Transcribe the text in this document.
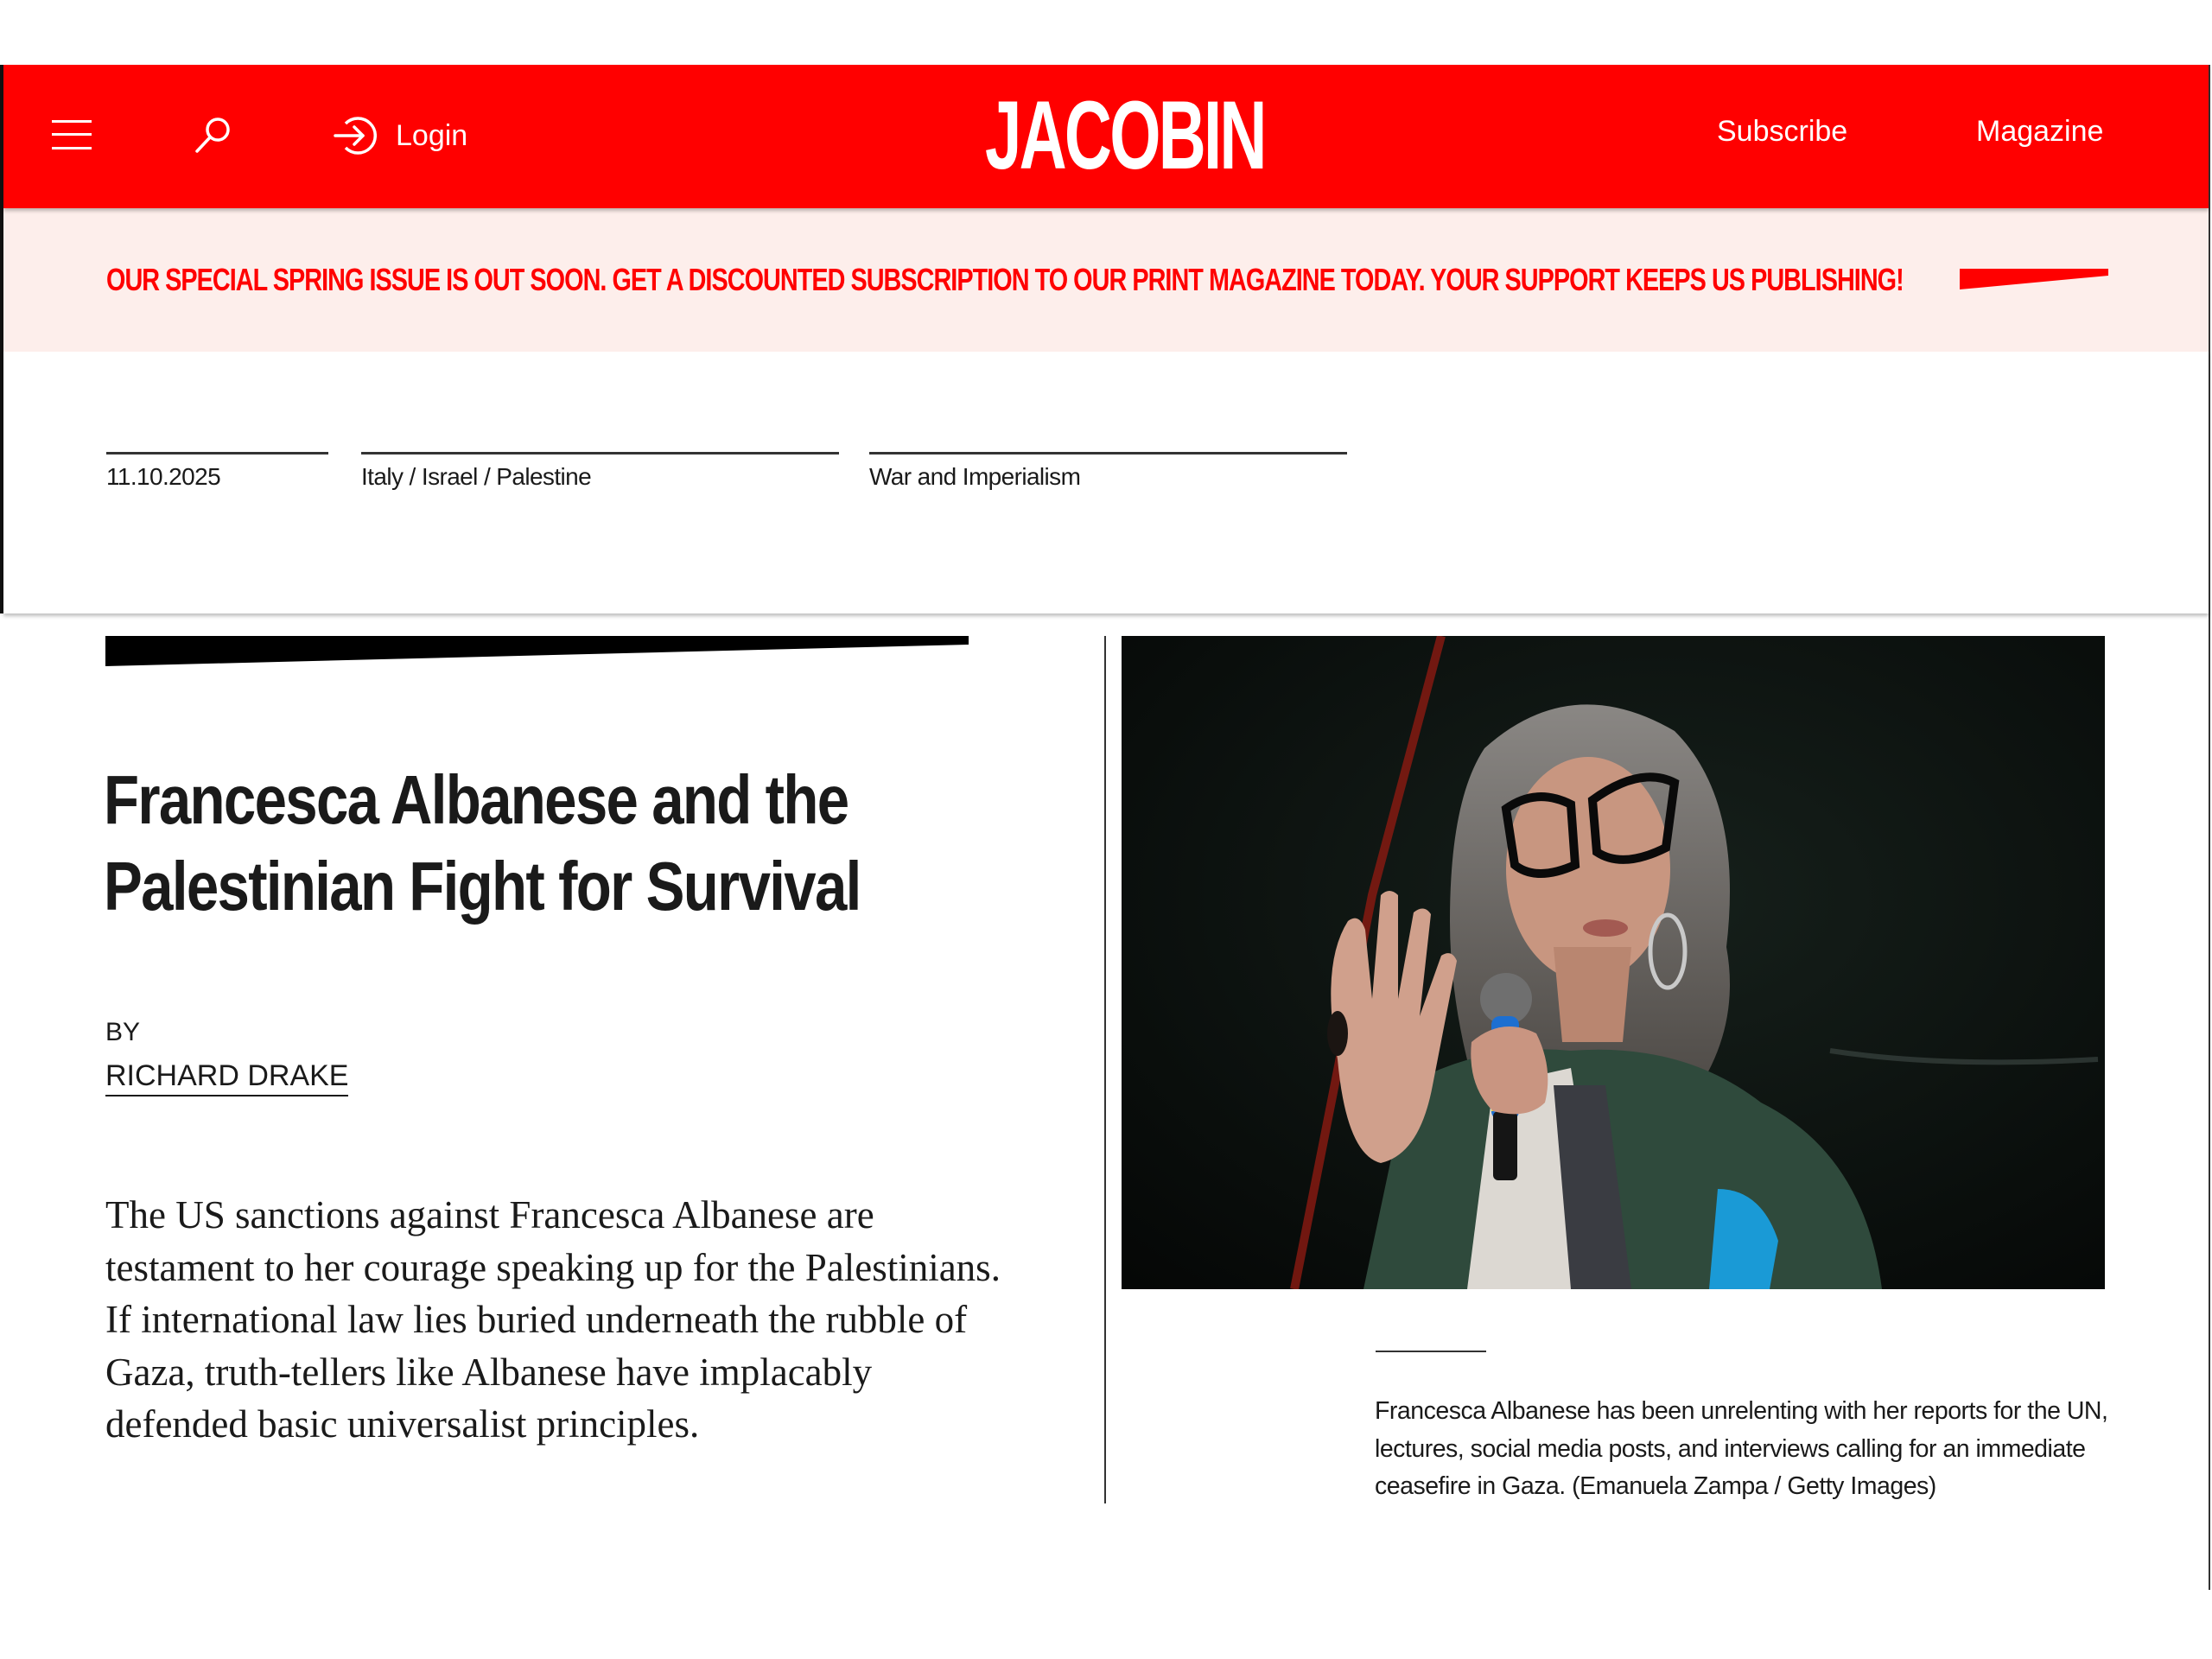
Login	JACOBIN	Subscribe	Magazine
OUR SPECIAL SPRING ISSUE IS OUT SOON. GET A DISCOUNTED SUBSCRIPTION TO OUR PRINT MAGAZINE TODAY. YOUR SUPPORT KEEPS US PUBLISHING!
11.10.2025	Italy / Israel / Palestine	War and Imperialism
Francesca Albanese and the
Palestinian Fight for Survival
BY
RICHARD DRAKE

The US sanctions against Francesca Albanese are testament to her courage speaking up for the Palestinians. If international law lies buried underneath the rubble of Gaza, truth-tellers like Albanese have implacably defended basic universalist principles.	Francesca Albanese has been unrelenting with her reports for the UN, lectures, social media posts, and interviews calling for an immediate ceasefire in Gaza. (Emanuela Zampa / Getty Images)
